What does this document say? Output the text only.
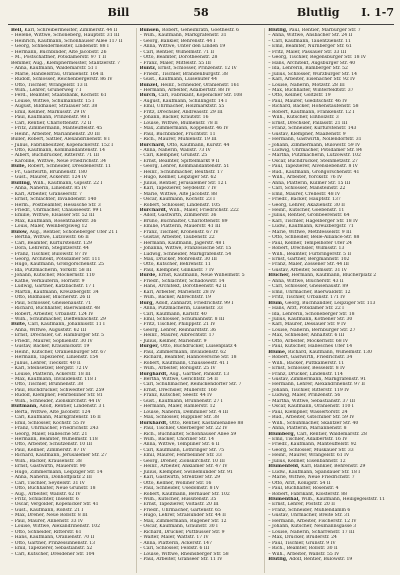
Bill	58	Blutlig I. 1-7
Bell, Karl, Schreibermeister, Zimmerstr. 44 II
– Helene, Wittwe, Schöneberg, Hauptstr. 31 III
– Heinrich, Kaufmann, Schönhauser Allee 117 II
– Georg, Schneidermeister, Lindenstr. 88 I
– Hermann, Buchbinder, Alte Jacobstr. 26
– M., Postschaffner, Potsdamerstr. 97 T II
Bemmer, Aug., Klempnermeister, Stalitzerstr. 7
– Anna, Kaufmann, Waldemarstr. 51 I
– Marie, Handelsfrau, Oranienstr. 164 II
– Rudolf, Schlosser, Reichenbergerstr. 86 IV
– Otto, Tischler, Wrangelstr. 13 II
– Wilh., Lehrer, Grünerweg 7 I
– Ferd., Beamter, Staatsbank, Kochstr. 61
– Louise, Wittwe, Schumannstr. 15 I
– August, Bildhauer, Stralauer Str. 38
– Emil, Kellner, Markusstr. 29 IV
– Paul, Kaufmann, Prinzenstr. 98 I
– Carl, Rentier, Charlottenstr. 72 II
– Fritz, Zimmermann, Manteuffelstr. 45
– Heinr., Arbeiter, Mariannenstr. 20 III
Buller, Robert, Sattler, Alexandrinenstr. 8 I
– Julius, Fabrikbesitzer, Köpenickerstr. 152 I
– Otto, Kaufmann, Kommandantenstr. 14
– Albert, Buchdrucker, Ritterstr. 71 III
– Karoline, Wittwe, Neue Friedrichstr. 34
Bulle, Robert, Schneider, Dresdenerstr. 11
– Fr., Gastwirth, Brunnenstr. 180
– Gust., Maurer, Ackerstr. 124 IV
Bulling, Wilh., Kaufmann, Gipsstr. 22 I
– Anna, Näherin, Linienstr. 85 IV
– Karl, Arbeiter, Granseerstr. 7
– Ernst, Schlächter, Invalidenstr. 140
– Herm., Postbeamter, Hessische Str. 3
– Friedr., Uhrmacher, Chausseestr. 99 I
– Emilie, Wittwe, Elsasser Str. 52 III
– Max, Kaufmann, Rosenthalerstr. 36
– Louis, Maler, Weinbergsweg 12
Bülow, Aug., Rentier, Schöneberger Ufer 21 I
– Bertha, Wittwe, Lützowstr. 66 II
– Carl, Beamter, Kurfürstenstr. 129
– Dora, Lehrerin, Steglitzerstr. 44
– Franz, Tischler, Bülowstr. 87 IV
– Georg, Architekt, Potsdamer Str. 111
– Hugo, Kaufmann, Großgörschenstr. 25
– Ida, Putzmacherin, Yorkstr. 58 III
– Johann, Kutscher, Möckernstr. 110
– Käthe, Verkäuferin, Hornstr. 9
– Ludwig, Gärtner, Katzbachstr. 17 I
– Martin, Kaufmann, Kreuzbergstr. 34
– Otto, Bildhauer, Blücherstr. 26 II
– Paul, Schlosser, Gneisenaustr. 71
– Richard, Buchhalter, Baerwaldstr. 48
– Robert, Arbeiter, Urbanstr. 124 IV
– Wilh., Schuhmacher, Dieffenbachstr. 29
Bülte, Carl, Kaufmann, Johannisstr. 11 I
– Anna, Wittwe, Auguststr. 62 III
– Ernst, Drechsler, Gr. Hamburger Str. 5
– Friedr., Maurer, Sophienstr. 30 IV
– Gustav, Bäcker, Krausnickstr. 19
– Heinr., Kutscher, Oranienburger Str. 67
– Hermann, Tapezierer, Linienstr. 154
– Julius, Lehrer, Tieckstr. 40 II
– Karl, Steinsetzer, Bergstr. 72 IV
– Louise, Plätterin, Ackerstr. 18 III
– Max, Kaufmann, Invalidenstr. 118 I
– Otto, Tischler, Brunnenstr. 38
– Paul, Buchdrucker, Schwedter Str. 259
– Rudolf, Klempner, Fehrbelliner Str. 81
– Wilh., Schneider, Zionskirchstr. 44 IV
Bültmann, Adolf, Rentier, Lindenstr. 3 I
– Berta, Wittwe, Alte Jacobstr. 124
– Carl, Kaufmann, Markgrafenstr. 16 II
– Emil, Schlosser, Kochstr. 55 IV
– Franz, Uhrmacher, Friedrichstr. 243
– Georg, Maler, Hallesche Str. 21
– Hermann, Beamter, Wilhelmstr. 118
– Otto, Arbeiter, Schützenstr. 10 III
– Paul, Kellner, Zimmerstr. 87 IV
– Richard, Kaufmann, Jerusalemer Str. 27
– Wilh., Bäcker, Krausenstr. 38
– Ernst, Gastwirth, Mauerstr. 90
– Hugo, Zimmermann, Leipziger Str. 14
– Anna, Näherin, Dönhoffplatz 2 III
– Carl, Tischler, Seydelstr. 31 IV
– Otto, Buchhalter, Neue Grünstr. 18
– Aug., Arbeiter, Wallstr. 62 IV
– Fritz, Schlächter, Inselstr. 6
– Oscar, Vergolder, Köpenicker Str. 41
– Gust., Kaufmann, Roßstr. 21 I
– Max, Dreher, Neue Roßstr. 8 III
– Paul, Maurer, Annenstr. 33 IV
– Louise, Wittwe, Alexandrinenstr. 102
– Otto, Schneider, Ritterstr. 61
– Hans, Kaufmann, Oranienstr. 70 II
– Otto, Gärtner, Prinzessinnenstr. 13
– Emil, Tapezierer, Sebastianstr. 52
– Carl, Kutscher, Dresdener Str. 104
Bunsen, Robert, Geheimrath, Goethestr. 6
– Wilh., Kaufmann, Markgrafenstr. 31
– Georg, Bankier, Behrenstr. 44 I
– Anna, Wittwe, Unter den Linden 19
– Carl, Rentier, Wilhelmstr. 71 II
– Otto, Beamter, Dorotheenstr. 28
– Franz, Maler, Mittelstr. 55 III
Buntz, Ernst, Schlosser, Prinzenstr. 12 IV
– Friedr., Tischler, Brandenburgstr. 38
– Gust., Kaufmann, Luisenufer 44
Bunzel, Heinr., Schneider, Oranienstr. 161
– Hermann, Arbeiter, Adalbertstr. 88 IV
Burch, Carl, Fabrikant, Köpenicker Str. 108
– August, Kaufmann, Schillingstr. 14 I
– Emil, Uhrmacher, Holzmarktstr. 55
– Fritz, Drechsler, Andreasstr. 29 III
– Johann, Bäcker, Krautstr. 16
– Louise, Wittwe, Blumenstr. 78 II
– Max, Zimmermann, Koppenstr. 46 IV
– Paul, Buchbinder, Fruchtstr. 11
– Rich., Maurer, Mühlenstr. 19 III
Burchard, Otto, Kaufmann, Kurstr. 44
– Anna, Näherin, Wallstr. 73 IV
– Carl, Klempner, Grünstr. 25
– Ernst, Beamter, Spittelmarkt 9 II
– Georg, Lehrer, Kommandantenstr. 51
– Heinr., Schuhmacher, Beuthstr. 17
– Hugo, Kellner, Leipziger Str. 62
– Julius, Rentier, Jerusalemer Str. 12 I
– Karl, Tapezierer, Seydelstr. 7 IV
– Marie, Wittwe, Alte Jacobstr. 88
– Oscar, Kaufmann, Kochstr. 23 I
– Robert, Schlosser, Lindenstr. 105
Burchardt, Wilh., Maler, Friedrichstr. 222
– Adolf, Gastwirth, Zimmerstr. 36
– Bruno, Buchhalter, Charlottenstr. 89
– Emilie, Plätterin, Mauerstr. 41 III
– Franz, Tischler, Kronenstr. 67 IV
– Gustav, Arbeiter, Taubenstr. 22
– Hermann, Kaufmann, Jägerstr. 48 I
– Johanna, Wittwe, Französische Str. 15
– Ludwig, Schneider, Markgrafenstr. 54
– Max, Drucker, Mohrenstr. 30 III
– Otto, Kutscher, Behrenstr. 11
– Paul, Klempner, Glinkastr. 7 IV
Burde, Ernst, Kaufmann, Neue Wilhelmstr. 5
– Friedr., Schlächter, Schadowstr. 14
– Hans, Architekt, Dorotheenstr. 42 II
– Karl, Arbeiter, Marienstr. 28 IV
– Wilh., Bäcker, Albrechtstr. 19
Burg, Adolf, Zahnarzt, Friedrichstr. 99 I
– Anna, Putzmacherin, Luisenstr. 33
– Carl, Kaufmann, Karlstr. 40
– Emil, Schlosser, Schumannstr. 8 III
– Fritz, Tischler, Philippstr. 21 IV
– Georg, Lehrer, Reinhardtstr. 36
– Heinr., Maurer, Albrechtstr. 17
– Julius, Kellner, Marienstr. 9
Burger, Otto, Buchdrucker, Luisenplatz 4
– Paul, Zimmermann, Invalidenstr. 62
– Richard, Beamter, Hannoversche Str. 18
– Robert, Kaufmann, Chausseestr. 41 I
– Wilh., Arbeiter, Borsigstr. 25 IV
Burghardt, Aug., Gärtner, Pankstr. 13
– Bertha, Wittwe, Gerichtstr. 54 II
– Carl, Schuhmacher, Reinickendorfer Str. 7
– Ernst, Drechsler, Müllerstr. 160
– Franz, Kutscher, Seestr. 44 IV
– Gust., Kaufmann, Brunnenstr. 27 I
– Hermann, Maler, Ramlerstr. 12
– Louise, Näherin, Demminer Str. 4 III
– Max, Schlosser, Ruppiner Str. 38
Burkhardt, Otto, Rentier, Kastanienallee 88
– Paul, Tischler, Oderberger Str. 22 IV
– Rich., Buchhalter, Schönhauser Allee 59
– Wilh., Bäcker, Choriner Str. 14
– Anna, Wittwe, Templiner Str. 6 II
– Carl, Kaufmann, Lothringer Str. 75
– Emil, Maurer, Fehrbelliner Str. 33
– Georg, Dreher, Zionskirchstr. 10 III
– Heinr., Arbeiter, Anklamer Str. 47 IV
– Julius, Klempner, Swinemünder Str. 91
– Karl, Gastwirth, Strelitzer Str. 29
– Otto, Kellner, Wolliner Str. 16
– Paul, Schneider, Usedomstr. 8 IV
– Robert, Kaufmann, Bernauer Str. 102
– Wilh., Kutscher, Hussitenstr. 35
– Ernst, Tapezierer, Voltastr. 20 III
– Friedr., Uhrmacher, Gartenstr. 65
– Hugo, Lehrer, Stralsunder Str. 44 II
– Max, Zimmermann, Rügener Str. 12
– Oscar, Kaufmann, Graunstr. 30 I
– Richard, Drucker, Puttbusser Str. 9
– Walter, Maler, Wattstr. 17 IV
– Anna, Plätterin, Ackerstr. 147
– Carl, Schlosser, Feldstr. 6 III
– Louise, Wittwe, Rheinsberger Str. 58
– Paul, Arbeiter, Granseer Str. 11 IV
Blutlig, Paul, Rentier, Marburger Str. 7
– Anna, Wittwe, Ansbacher Str. 24 II
– Carl, Kaufmann, Tauentzienstr. 11
– Emil, Beamter, Nürnberger Str. 61
– Fritz, Maler, Passauer Str. 33 III
– Georg, Tischler, Regensburger Str. 18 IV
– Hans, Architekt, Augsburger Str. 40
– Ida, Lehrerin, Bamberger Str. 52
– Julius, Schlosser, Würzburger Str. 14
– Karl, Arbeiter, Eisenacher Str. 92 IV
– Louise, Näherin, Motzstr. 28 III
– Max, Buchhalter, Winterfeldtstr. 37
– Otto, Kellner, Goltzstr. 19
– Paul, Maurer, Gleditschstr. 46 IV
– Richard, Bäcker, Hohenstaufenstr. 58
– Robert, Kaufmann, Frankenstr. 12 I
– Wilh., Kutscher, Elßholzstr. 3
– Ernst, Drechsler, Pallasstr. 21 III
– Franz, Schneider, Kurfürstenstr. 143
– Gustav, Klempner, Maaßenstr. 9
– Hermann, Gastwirth, Nollendorfstr. 31
– Johann, Zimmermann, Bülowstr. 59 IV
– Ludwig, Uhrmacher, Potsdamer Str. 84
– Martha, Putzmacherin, Lützowstr. 102
– Oscar, Buchdrucker, Steinmetzstr. 27
– Paul, Tapezierer, Alvenslebenstr. 8 IV
– Rud., Kaufmann, Großgörschenstr. 41
– Wilh., Arbeiter, Yorckstr. 76 IV
– Anna, Plätterin, Kulmer Str. 15 III
– Carl, Schlosser, Mansteinstr. 22
– Emil, Maurer, Crellestr. 48 IV
– Friedr., Bäcker, Hauptstr. 137
– Georg, Lehrer, Akazienstr. 30 II
– Heinr., Kutscher, Goebenstr. 11
– Julius, Rentier, Großbeerenstr. 64
– Karl, Tischler, Hagelberger Str. 18 IV
– Ludw., Kaufmann, Kreuzbergstr. 71
– Marie, Wittwe, Methfesselstr. 9 III
– Otto, Schneider, Belle-Alliance-Str. 88
– Paul, Kellner, Tempelhofer Ufer 24
– Robert, Drechsler, Wilmsstr. 13
– Wilh., Beamter, Fürbringerstr. 5 II
– Ernst, Gärtner, Bergmannstr. 102
– Franz, Maler, Zossener Str. 44 III
– Gustav, Arbeiter, Solmsstr. 31 IV
Blücher, Hermann, Kaufmann, Blücherplatz 2
– Anna, Wittwe, Blücherstr. 43 II
– Carl, Schlosser, Gneisenaustr. 89
– Emil, Uhrmacher, Baerwaldstr. 12
– Fritz, Tischler, Urbanstr. 171 IV
Blum, Georg, Buchhändler, Leipziger Str. 113
– Hans, Arzt, Potsdamer Str. 22 I
– Ida, Lehrerin, Schöneberger Str. 18
– Julius, Kaufmann, Köthener Str. 30
– Karl, Maurer, Dessauer Str. 9 IV
– Louise, Näherin, Bernburger Str. 27
– Max, Schneider, Anhaltstr. 6 III
– Otto, Arbeiter, Möckernstr. 68 IV
– Paul, Kutscher, Hallesches Ufer 14
Blume, Richard, Kaufmann, Wilhelmstr. 130
– Robert, Gastwirth, Friedrichstr. 34
– Wilh., Bäcker, Puttkamerstr. 11
– Ernst, Schlosser, Besselstr. 8 IV
– Franz, Drucker, Lindenstr. 114
– Gustav, Zimmermann, Markgrafenstr. 91
– Hermann, Lehrer, Alexandrinenstr. 97 II
– Johann, Tischler, Ritterstr. 119 IV
– Ludwig, Maler, Prinzenstr. 56
– Martha, Wittwe, Sebastianstr. 37 III
– Oscar, Kaufmann, Oranienstr. 110 I
– Paul, Klempner, Wassertorstr. 24
– Rud., Arbeiter, Gitschiner Str. 59 IV
– Wilh., Schuhmacher, Skalitzer Str. 40
– Anna, Plätterin, Mariannenstr. 8
Blumberg, Carl, Rentier, Waldemarstr. 28
– Emil, Tischler, Adalbertstr. 16 IV
– Friedr., Kaufmann, Manteuffelstr. 92
– Georg, Schlosser, Muskauer Str. 33
– Heinr., Maurer, Wrangelstr. 61 IV
– Julius, Kellner, Eisenbahnstr. 12
Blumenfeld, Karl, Bankier, Behrenstr. 29
– Ludw., Kaufmann, Spandauer Str. 18 I
– Marie, Wittwe, Neue Friedrichstr. 7
– Otto, Arzt, Königstr. 54 II
– Paul, Buchhalter, Rosenstr. 4
– Robert, Fabrikant, Klosterstr. 88
Blumenthal, Wilh., Kaufmann, Heiligegeiststr. 11
– Ernst, Lehrer, Poststr. 20 II
– Franz, Schneider, Mühlendamm 6
– Gustav, Uhrmacher, Breite Str. 31
– Hermann, Arbeiter, Fischerstr. 12 IV
– Johann, Kutscher, Neumannsgasse 3
– Louise, Näherin, Scharrenstr. 17 III
– Max, Drucker, Brüderstr. 24
– Paul, Tischler, Grünstr. 9 IV
– Rich., Beamter, Roßstr. 30 II
– Wilh., Arbeiter, Wallstr. 55 IV
Blutlig, Adolf, Rentier, Bülowstr. 19
